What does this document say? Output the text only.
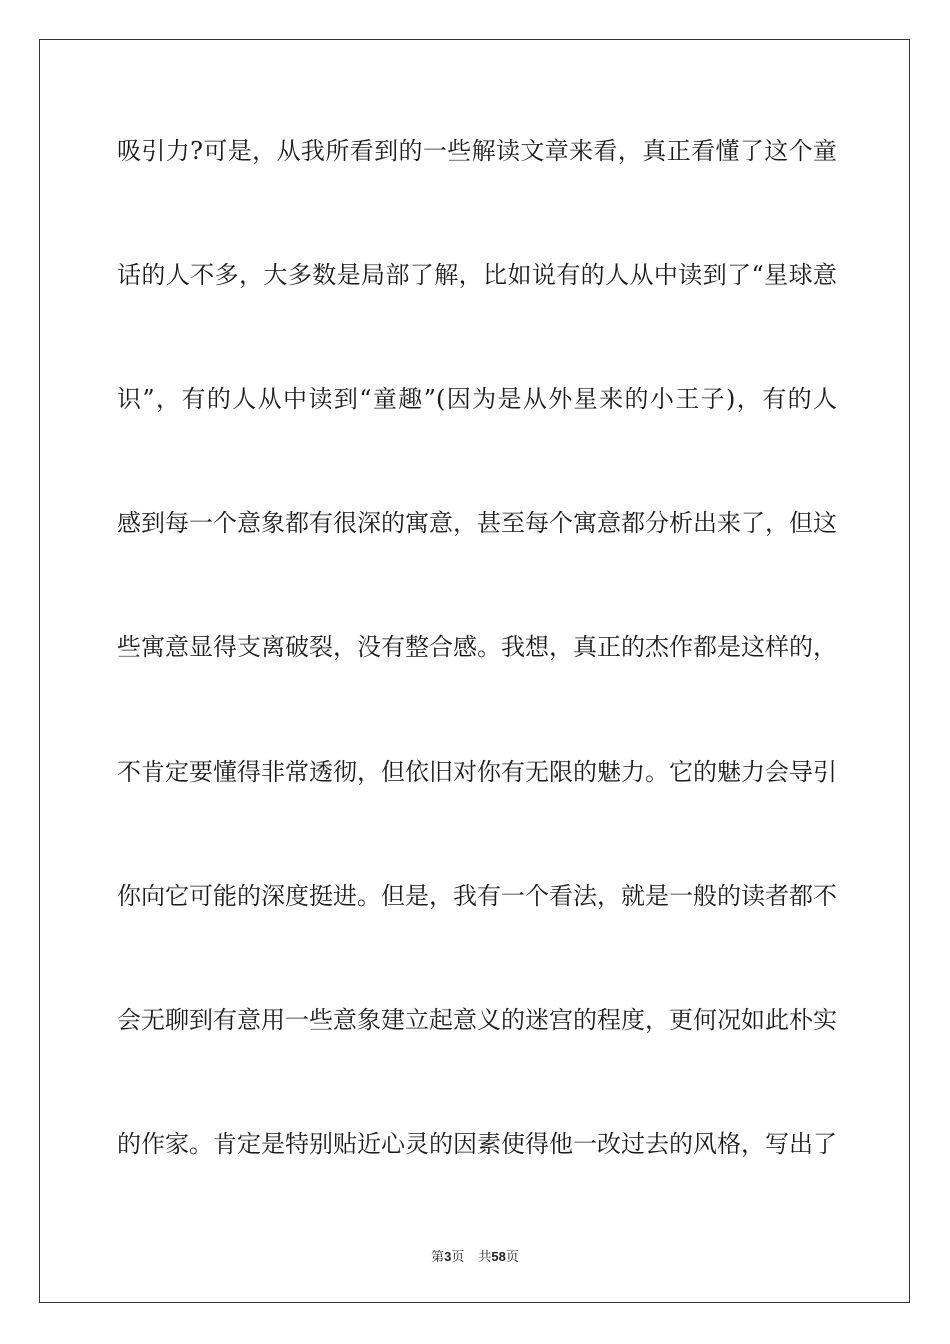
吸引力?可是，从我所看到的一些解读文章来看，真正看懂了这个童
话的人不多，大多数是局部了解，比如说有的人从中读到了“星球意
识”，有的人从中读到“童趣”(因为是从外星来的小王子)，有的人
感到每一个意象都有很深的寓意，甚至每个寓意都分析出来了，但这
些寓意显得支离破裂，没有整合感。我想，真正的杰作都是这样的，
不肯定要懂得非常透彻，但依旧对你有无限的魅力。它的魅力会导引
你向它可能的深度挺进。但是，我有一个看法，就是一般的读者都不
会无聊到有意用一些意象建立起意义的迷宫的程度，更何况如此朴实
的作家。肯定是特别贴近心灵的因素使得他一改过去的风格，写出了
第3页 共58页
